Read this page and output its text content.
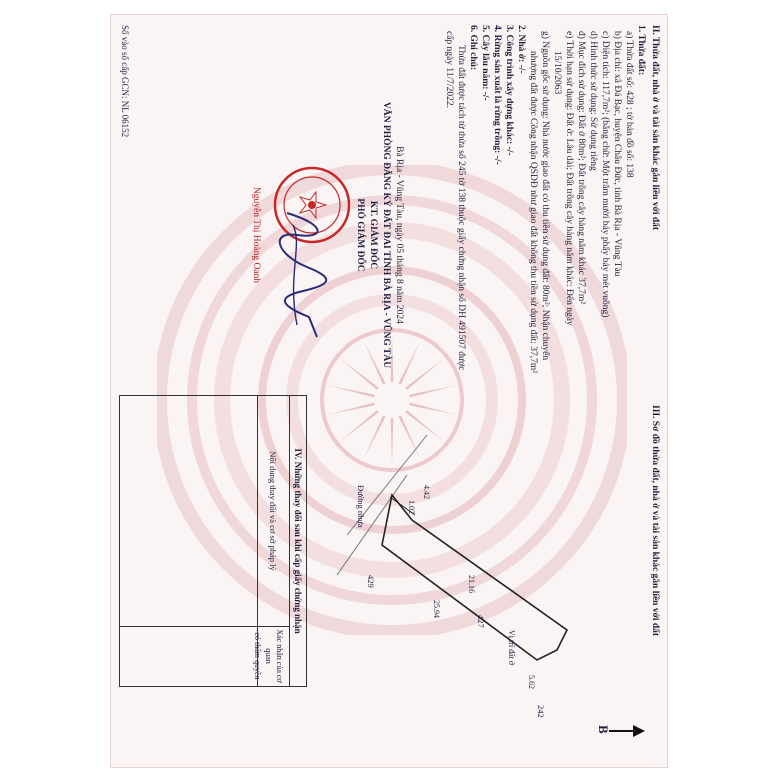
II. Thửa đất, nhà ở và tài sản khác gắn liền với đất
1. Thửa đất:
a) Thửa đất số: 428 ; tờ bản đồ số: 138
b) Địa chỉ: xã Đá Bạc, huyện Châu Đức, tỉnh Bà Rịa - Vũng Tàu
c) Diện tích: 117,7m²; (bằng chữ: Một trăm mười bảy phẩy bảy mét vuông)
d) Hình thức sử dụng: Sử dụng riêng
đ) Mục đích sử dụng: Đất ở 80m²; Đất trồng cây hàng năm khác 37,7m²
e) Thời hạn sử dụng: Đất ở: Lâu dài; Đất trồng cây hàng năm khác: Đến ngày
15/10/2063
g) Nguồn gốc sử dụng: Nhà nước giao đất có thu tiền sử dụng đất: 80m²; Nhận chuyển
nhượng đất được Công nhận QSDĐ như giao đất không thu tiền sử dụng đất: 37,7m²
2. Nhà ở: -/-
3. Công trình xây dựng khác: -/-
4. Rừng sản xuất là rừng trồng: -/-
5. Cây lâu năm: -/-
6. Ghi chú:
Thửa đất được tách từ thửa số 245 tờ 138 thuộc giấy chứng nhận số DH 491507 được
cấp ngày 11/7/2022.
Bà Rịa - Vũng Tàu, ngày 05 tháng 8 năm 2024
VĂN PHÒNG ĐĂNG KÝ ĐẤT ĐAI TỈNH BÀ RỊA - VŨNG TÀU
KT. GIÁM ĐỐC
PHÓ GIÁM ĐỐC
Nguyễn Thị Hoàng Oanh
Số vào sổ cấp GCN: NL 06152
III. Sơ đồ thửa đất, nhà ở và tài sản khác gắn liền với đất
B
Đường nhựa
427
429
242
21.16
25.94
1.02
4.42
5.62
Vị trí đất ở
IV. Những thay đổi sau khi cấp giấy chứng nhận
Nội dung thay đổi và cơ sở pháp lý
Xác nhận của cơ quan
có thẩm quyền
